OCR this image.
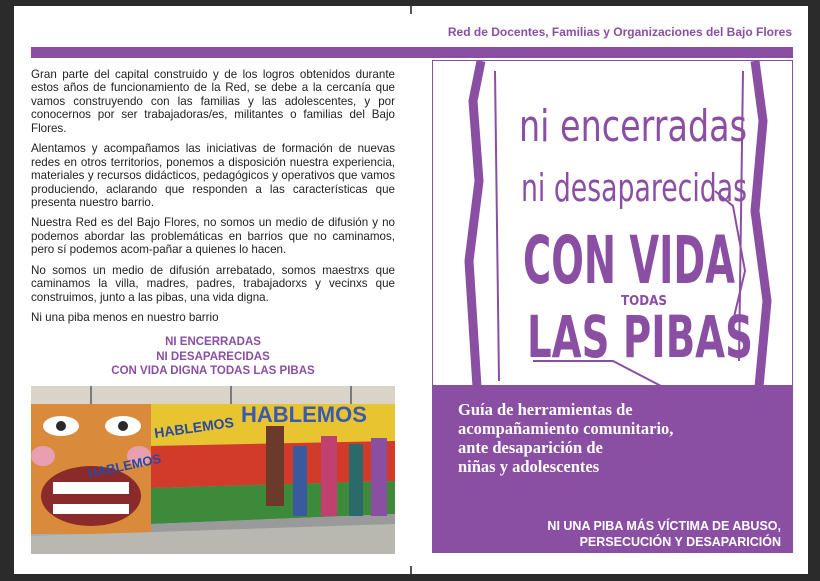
Red de Docentes, Familias y Organizaciones del Bajo Flores

Gran parte del capital construido y de los logros obtenidos durante estos años de funcionamiento de la Red, se debe a la cercanía que vamos construyendo con las familias y las adolescentes, y por conocernos por ser trabajadoras/es, militantes o familias del Bajo Flores.

Alentamos y acompañamos las iniciativas de formación de nuevas redes en otros territorios, ponemos a disposición nuestra experiencia, materiales y recursos didácticos, pedagógicos y operativos que vamos produciendo, aclarando que responden a las características que presenta nuestro barrio.

Nuestra Red es del Bajo Flores, no somos un medio de difusión y no podemos abordar las problemáticas en barrios que no caminamos, pero sí podemos acom-pañar a quienes lo hacen.

No somos un medio de difusión arrebatado, somos maestrxs que caminamos la villa, madres, padres, trabajadorxs y vecinxs que construimos, junto a las pibas, una vida digna.

Ni una piba menos en nuestro barrio

NI ENCERRADAS
NI DESAPARECIDAS
CON VIDA DIGNA TODAS LAS PIBAS
HABLEMOS HABLEMOS
HABLEMOS
ni encerradas
ni desaparecidas
CON VIDA
TODAS
LAS PIBAS
Guía de herramientas de
acompañamiento comunitario,
ante desaparición de
niñas y adolescentes
NI UNA PIBA MÁS VÍCTIMA DE ABUSO,
PERSECUCIÓN Y DESAPARICIÓN
